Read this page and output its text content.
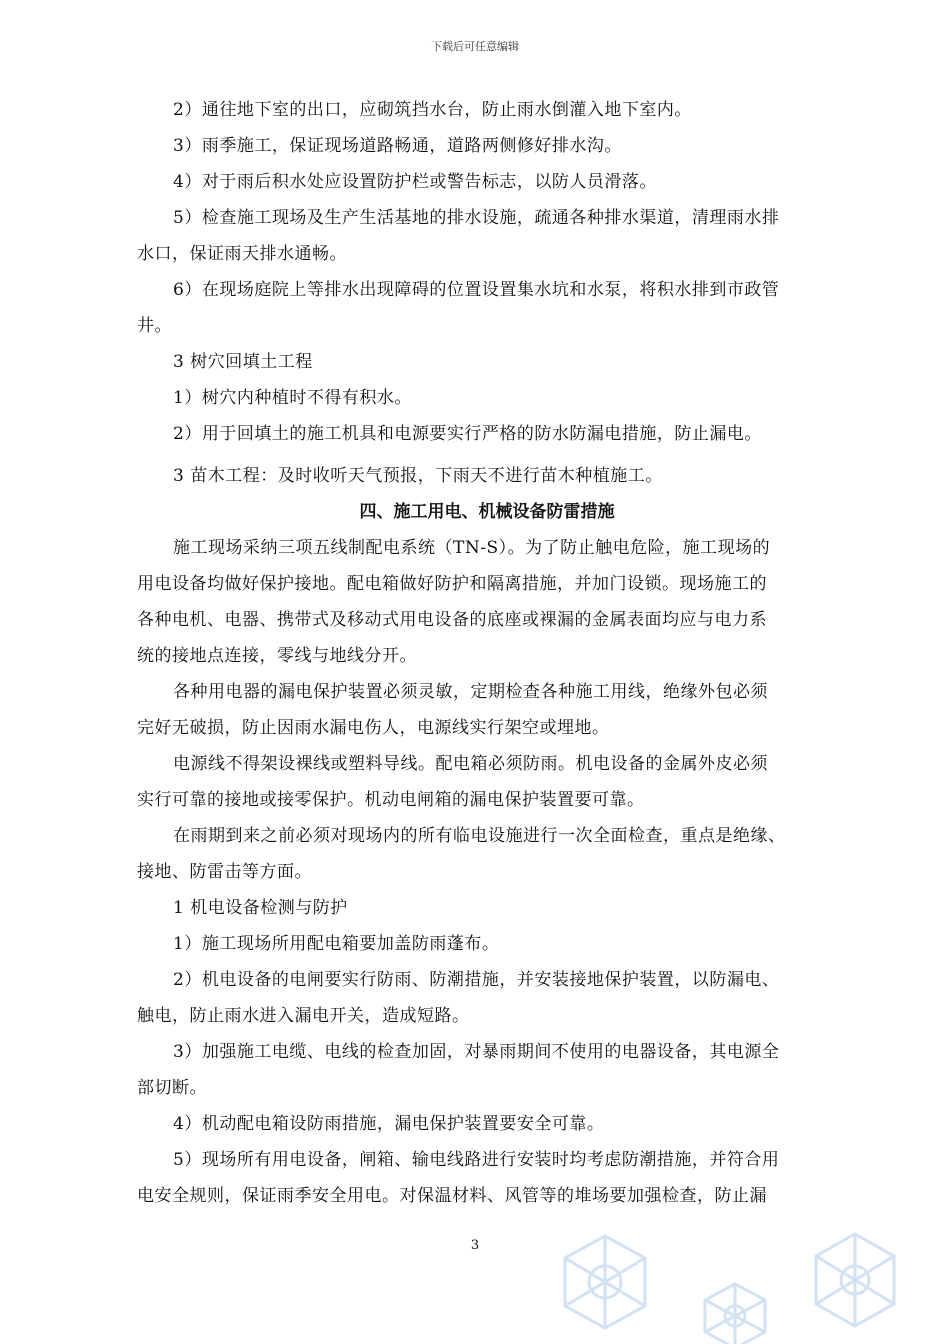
下载后可任意编辑
2）通往地下室的出口，应砌筑挡水台，防止雨水倒灌入地下室内。
3）雨季施工，保证现场道路畅通，道路两侧修好排水沟。
4）对于雨后积水处应设置防护栏或警告标志，以防人员滑落。
5）检查施工现场及生产生活基地的排水设施，疏通各种排水渠道，清理雨水排
水口，保证雨天排水通畅。
6）在现场庭院上等排水出现障碍的位置设置集水坑和水泵，将积水排到市政管
井。
3 树穴回填土工程
1）树穴内种植时不得有积水。
2）用于回填土的施工机具和电源要实行严格的防水防漏电措施，防止漏电。
3 苗木工程：及时收听天气预报，下雨天不进行苗木种植施工。
四、施工用电、机械设备防雷措施
施工现场采纳三项五线制配电系统（TN-S）。为了防止触电危险，施工现场的
用电设备均做好保护接地。配电箱做好防护和隔离措施，并加门设锁。现场施工的
各种电机、电器、携带式及移动式用电设备的底座或裸漏的金属表面均应与电力系
统的接地点连接，零线与地线分开。
各种用电器的漏电保护装置必须灵敏，定期检查各种施工用线，绝缘外包必须
完好无破损，防止因雨水漏电伤人，电源线实行架空或埋地。
电源线不得架设裸线或塑料导线。配电箱必须防雨。机电设备的金属外皮必须
实行可靠的接地或接零保护。机动电闸箱的漏电保护装置要可靠。
在雨期到来之前必须对现场内的所有临电设施进行一次全面检查，重点是绝缘、
接地、防雷击等方面。
1 机电设备检测与防护
1）施工现场所用配电箱要加盖防雨蓬布。
2）机电设备的电闸要实行防雨、防潮措施，并安装接地保护装置，以防漏电、
触电，防止雨水进入漏电开关，造成短路。
3）加强施工电缆、电线的检查加固，对暴雨期间不使用的电器设备，其电源全
部切断。
4）机动配电箱设防雨措施，漏电保护装置要安全可靠。
5）现场所有用电设备，闸箱、输电线路进行安装时均考虑防潮措施，并符合用
电安全规则，保证雨季安全用电。对保温材料、风管等的堆场要加强检查，防止漏
3
